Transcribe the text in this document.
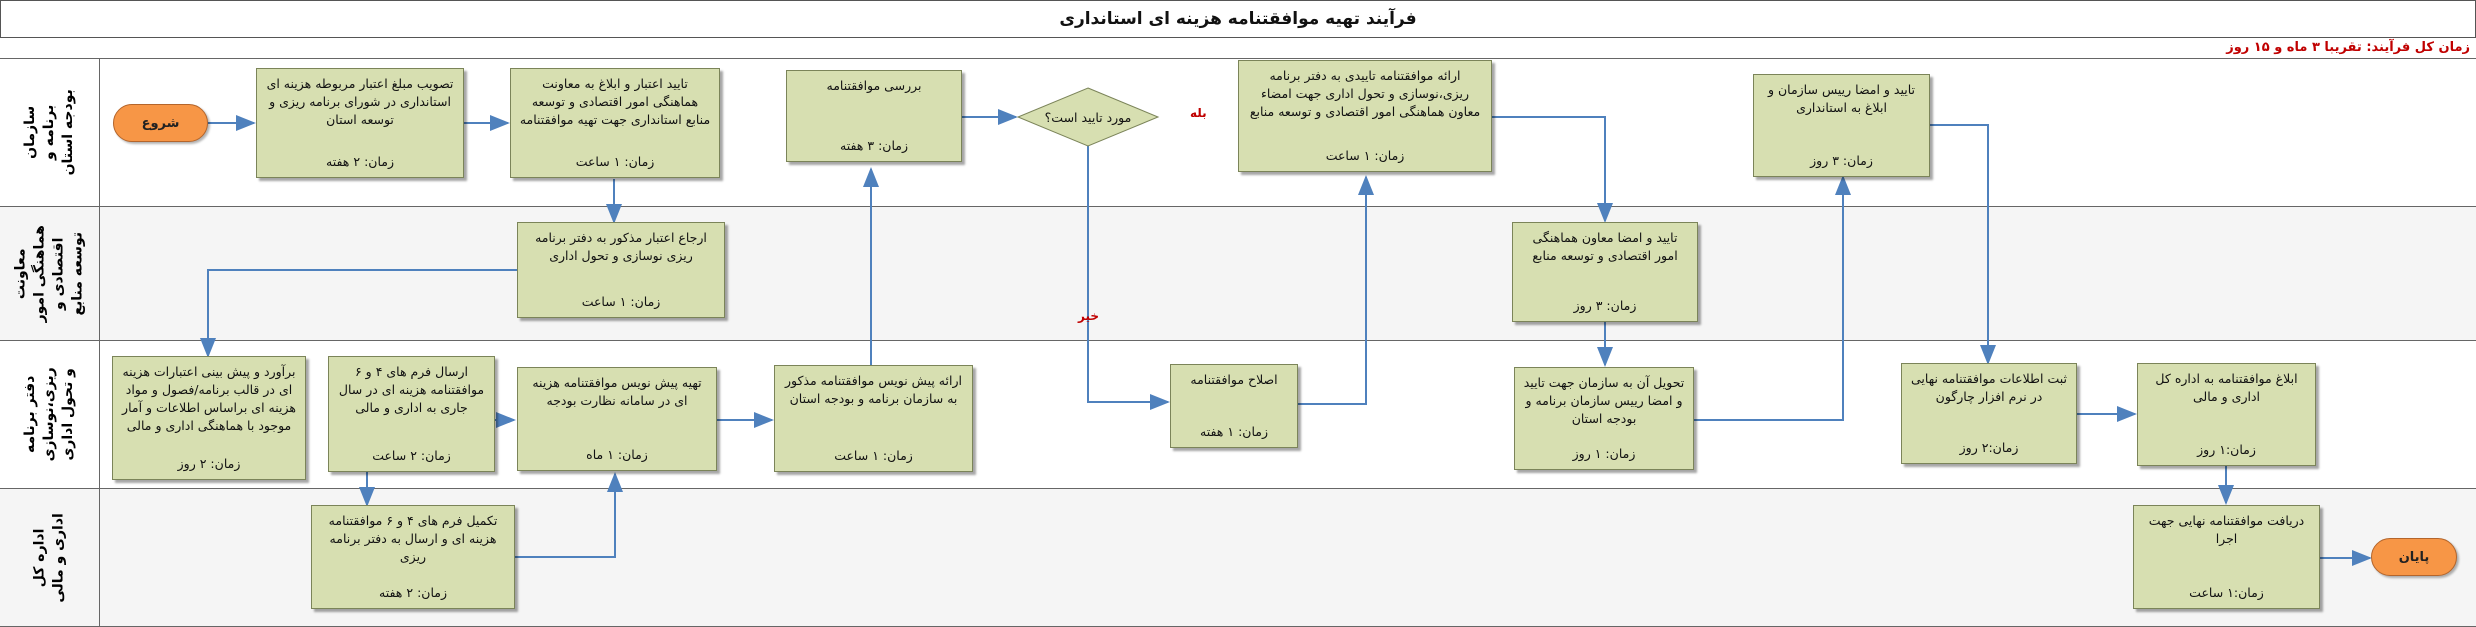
فرآیند تهیه موافقتنامه هزینه ای استانداری
زمان کل فرآیند: تقریبا ۳ ماه و ۱۵ روز
سازمان برنامه و بودجه استان
معاونت هماهنگی امور اقتصادی و توسعه منابع
دفتر برنامه ریزی،نوسازی و تحول اداری
اداره کل اداری و مالی
شروع
پایان
مورد تایید است؟	بله
خیر
تصویب مبلغ اعتبار مربوطه هزینه ای استانداری در شورای برنامه ریزی و توسعه استان
زمان: ۲ هفته
تایید اعتبار و ابلاغ به معاونت هماهنگی امور اقتصادی و توسعه منابع استانداری جهت تهیه موافقتنامه
زمان: ۱ ساعت
بررسی موافقتنامه
زمان: ۳ هفته
ارائه موافقتنامه تاییدی به دفتر برنامه ریزی،نوسازی و تحول اداری جهت امضاء معاون هماهنگی امور اقتصادی و توسعه منابع
زمان: ۱ ساعت
تایید و امضا رییس سازمان و ابلاغ به استانداری
زمان: ۳ روز
ارجاع اعتبار مذکور به دفتر برنامه ریزی نوسازی و تحول اداری
زمان: ۱ ساعت
تایید و امضا معاون هماهنگی امور اقتصادی و توسعه منابع
زمان: ۳ روز
برآورد و پیش بینی اعتبارات هزینه ای در قالب برنامه/فصول و مواد هزینه ای براساس اطلاعات و آمار موجود با هماهنگی اداری و مالی
زمان: ۲ روز
ارسال فرم های ۴ و ۶ موافقتنامه هزینه ای در سال جاری به اداری و مالی
زمان: ۲ ساعت
تهیه پیش نویس موافقتنامه هزینه ای در سامانه نظارت بودجه
زمان: ۱ ماه
ارائه پیش نویس موافقتنامه مذکور به سازمان برنامه و بودجه استان
زمان: ۱ ساعت
اصلاح موافقتنامه
زمان: ۱ هفته
تحویل آن به سازمان جهت تایید و امضا رییس سازمان برنامه و بودجه استان
زمان: ۱ روز
ثبت اطلاعات موافقتنامه نهایی در نرم افزار چارگون
زمان:۲ روز
ابلاغ موافقتنامه به اداره کل اداری و مالی
زمان:۱ روز
تکمیل فرم های ۴ و ۶ موافقتنامه هزینه ای و ارسال به دفتر برنامه ریزی
زمان: ۲ هفته
دریافت موافقتنامه نهایی جهت اجرا
زمان:۱ ساعت
